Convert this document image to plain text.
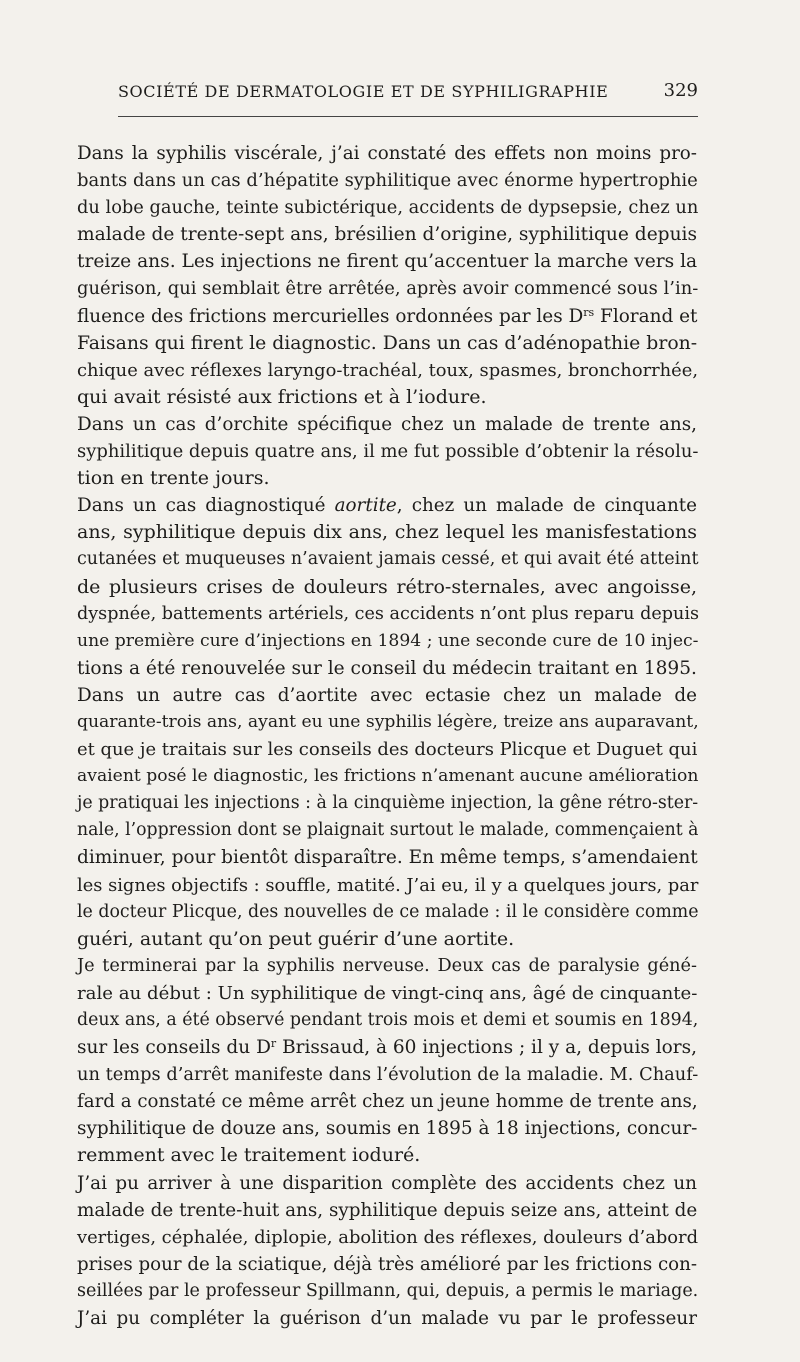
SOCIÉTÉ DE DERMATOLOGIE ET DE SYPHILIGRAPHIE	329

Dans la syphilis viscérale, j’ai constaté des effets non moins pro-
bants dans un cas d’hépatite syphilitique avec énorme hypertrophie
du lobe gauche, teinte subictérique, accidents de dypsepsie, chez un
malade de trente-sept ans, brésilien d’origine, syphilitique depuis
treize ans. Les injections ne firent qu’accentuer la marche vers la
guérison, qui semblait être arrêtée, après avoir commencé sous l’in-
fluence des frictions mercurielles ordonnées par les $D^{rs}$ Florand et
Faisans qui firent le diagnostic. Dans un cas d’adénopathie bron-
chique avec réflexes laryngo-trachéal, toux, spasmes, bronchorrhée,
qui avait résisté aux frictions et à l’iodure.

Dans un cas d’orchite spécifique chez un malade de trente ans,
syphilitique depuis quatre ans, il me fut possible d’obtenir la résolu-
tion en trente jours.

Dans un cas diagnostiqué aortite, chez un malade de cinquante
ans, syphilitique depuis dix ans, chez lequel les manisfestations
cutanées et muqueuses n’avaient jamais cessé, et qui avait été atteint
de plusieurs crises de douleurs rétro-sternales, avec angoisse,
dyspnée, battements artériels, ces accidents n’ont plus reparu depuis
une première cure d’injections en 1894 ; une seconde cure de 10 injec-
tions a été renouvelée sur le conseil du médecin traitant en 1895.

Dans un autre cas d’aortite avec ectasie chez un malade de
quarante-trois ans, ayant eu une syphilis légère, treize ans auparavant,
et que je traitais sur les conseils des docteurs Plicque et Duguet qui
avaient posé le diagnostic, les frictions n’amenant aucune amélioration
je pratiquai les injections : à la cinquième injection, la gêne rétro-ster-
nale, l’oppression dont se plaignait surtout le malade, commençaient à
diminuer, pour bientôt disparaître. En même temps, s’amendaient
les signes objectifs : souffle, matité. J’ai eu, il y a quelques jours, par
le docteur Plicque, des nouvelles de ce malade : il le considère comme
guéri, autant qu’on peut guérir d’une aortite.

Je terminerai par la syphilis nerveuse. Deux cas de paralysie géné-
rale au début : Un syphilitique de vingt-cinq ans, âgé de cinquante-
deux ans, a été observé pendant trois mois et demi et soumis en 1894,
sur les conseils du $D^r$ Brissaud, à 60 injections ; il y a, depuis lors,
un temps d’arrêt manifeste dans l’évolution de la maladie. M. Chauf-
fard a constaté ce même arrêt chez un jeune homme de trente ans,
syphilitique de douze ans, soumis en 1895 à 18 injections, concur-
remment avec le traitement ioduré.

J’ai pu arriver à une disparition complète des accidents chez un
malade de trente-huit ans, syphilitique depuis seize ans, atteint de
vertiges, céphalée, diplopie, abolition des réflexes, douleurs d’abord
prises pour de la sciatique, déjà très amélioré par les frictions con-
seillées par le professeur Spillmann, qui, depuis, a permis le mariage.

J’ai pu compléter la guérison d’un malade vu par le professeur
